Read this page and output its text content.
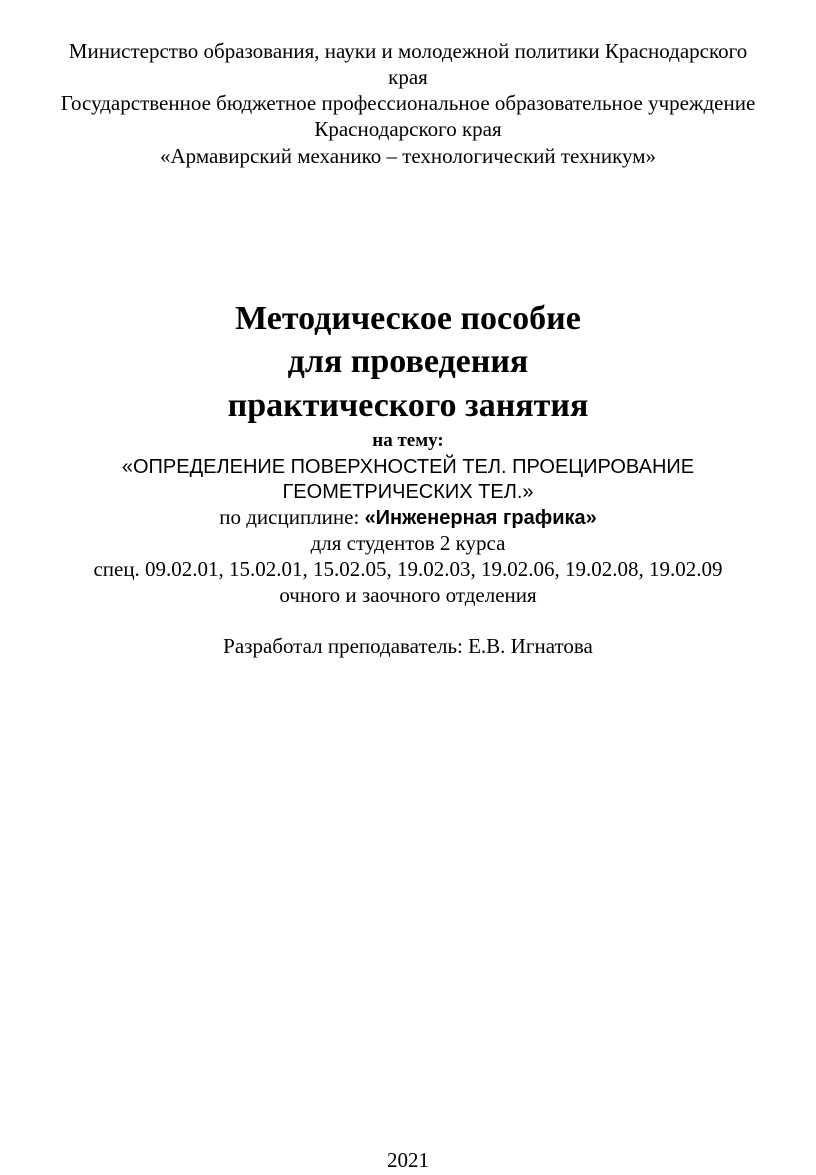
Министерство образования, науки и молодежной политики Краснодарского
края
Государственное бюджетное профессиональное образовательное учреждение
Краснодарского края
«Армавирский механико – технологический техникум»
Методическое пособие
для проведения
практического занятия
на тему:
«ОПРЕДЕЛЕНИЕ ПОВЕРХНОСТЕЙ ТЕЛ. ПРОЕЦИРОВАНИЕ
ГЕОМЕТРИЧЕСКИХ ТЕЛ.»
по дисциплине: «Инженерная графика»
для студентов 2 курса
спец. 09.02.01, 15.02.01, 15.02.05, 19.02.03, 19.02.06, 19.02.08, 19.02.09
очного и заочного отделения
Разработал преподаватель: Е.В. Игнатова
2021
